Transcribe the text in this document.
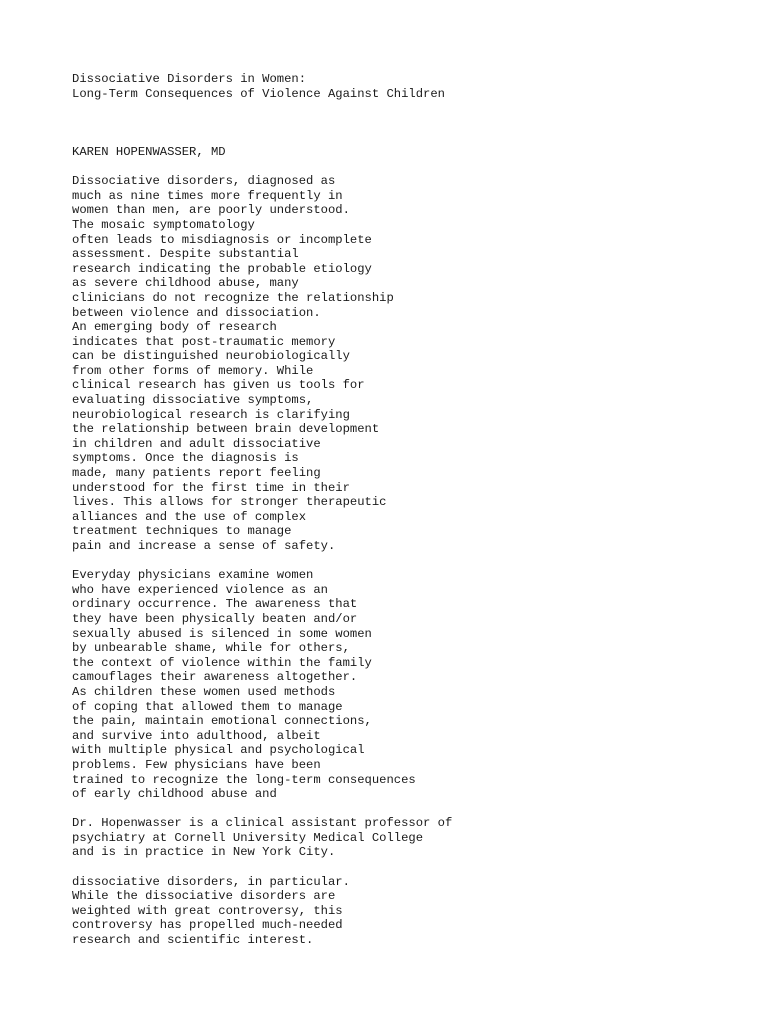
Dissociative Disorders in Women:
Long-Term Consequences of Violence Against Children
KAREN HOPENWASSER, MD
Dissociative disorders, diagnosed as
much as nine times more frequently in
women than men, are poorly understood.
The mosaic symptomatology
often leads to misdiagnosis or incomplete
assessment. Despite substantial
research indicating the probable etiology
as severe childhood abuse, many
clinicians do not recognize the relationship
between violence and dissociation.
An emerging body of research
indicates that post-traumatic memory
can be distinguished neurobiologically
from other forms of memory. While
clinical research has given us tools for
evaluating dissociative symptoms,
neurobiological research is clarifying
the relationship between brain development
in children and adult dissociative
symptoms. Once the diagnosis is
made, many patients report feeling
understood for the first time in their
lives. This allows for stronger therapeutic
alliances and the use of complex
treatment techniques to manage
pain and increase a sense of safety.
Everyday physicians examine women
who have experienced violence as an
ordinary occurrence. The awareness that
they have been physically beaten and/or
sexually abused is silenced in some women
by unbearable shame, while for others,
the context of violence within the family
camouflages their awareness altogether.
As children these women used methods
of coping that allowed them to manage
the pain, maintain emotional connections,
and survive into adulthood, albeit
with multiple physical and psychological
problems. Few physicians have been
trained to recognize the long-term consequences
of early childhood abuse and
Dr. Hopenwasser is a clinical assistant professor of
psychiatry at Cornell University Medical College
and is in practice in New York City.
dissociative disorders, in particular.
While the dissociative disorders are
weighted with great controversy, this
controversy has propelled much-needed
research and scientific interest.
